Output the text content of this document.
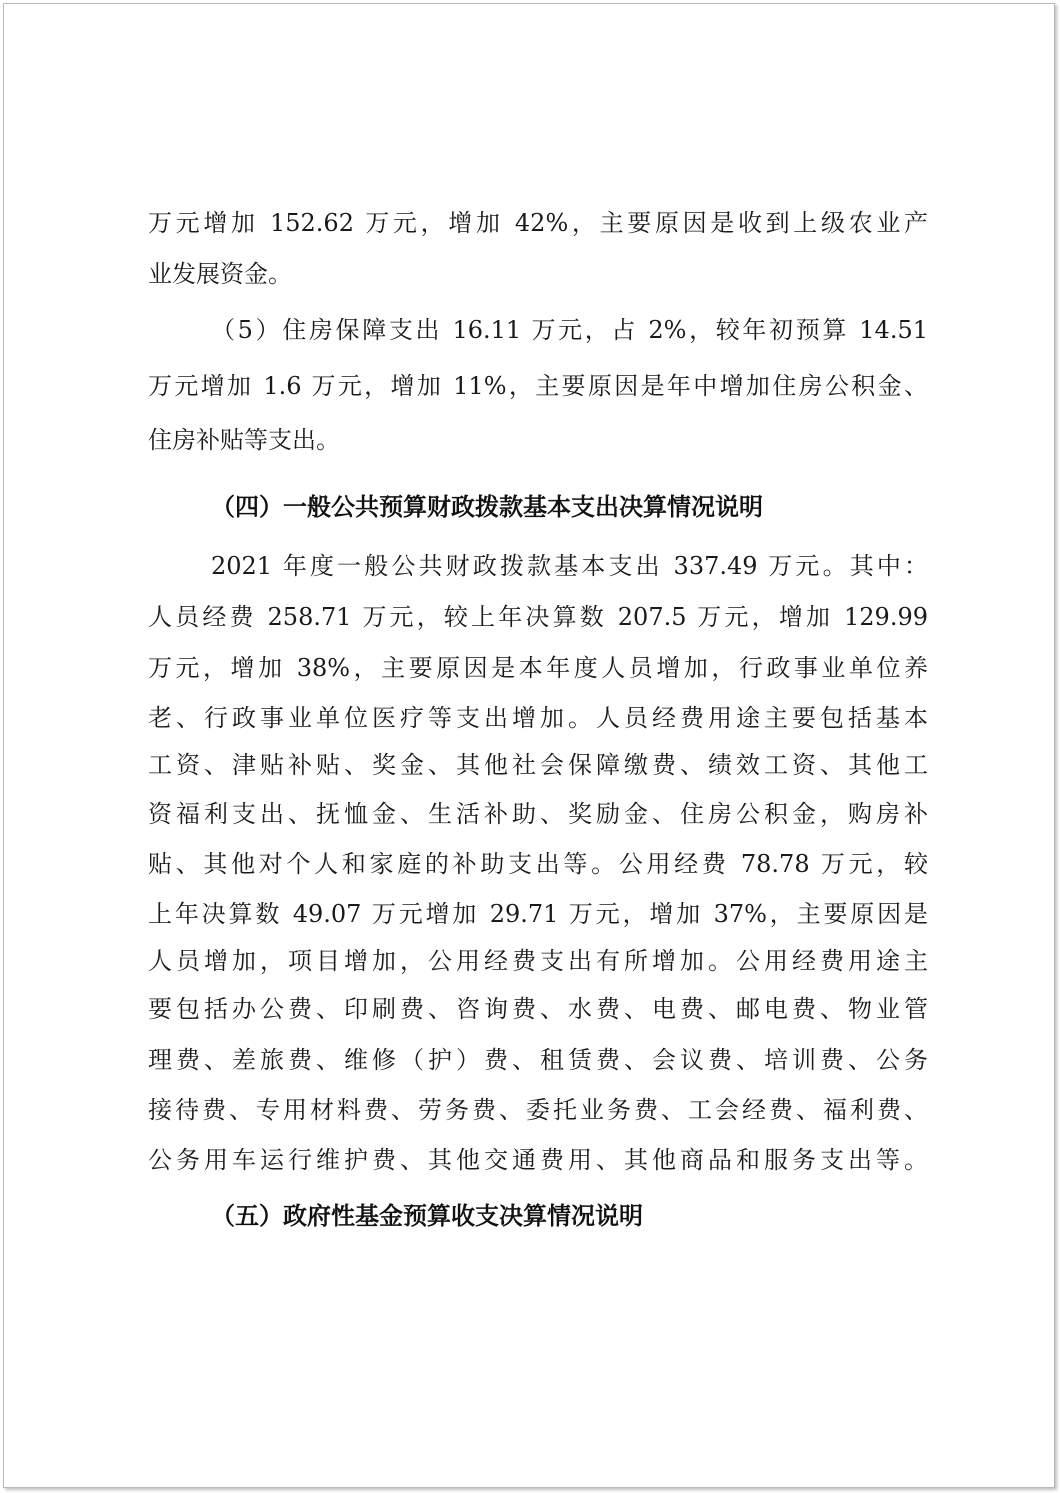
万元增加 152.62 万元，增加 42%，主要原因是收到上级农业产

业发展资金。

（5）住房保障支出 16.11 万元，占 2%，较年初预算 14.51

万元增加 1.6 万元，增加 11%，主要原因是年中增加住房公积金、

住房补贴等支出。

（四）一般公共预算财政拨款基本支出决算情况说明

2021 年度一般公共财政拨款基本支出 337.49 万元。其中：

人员经费 258.71 万元，较上年决算数 207.5 万元，增加 129.99

万元，增加 38%，主要原因是本年度人员增加，行政事业单位养

老、行政事业单位医疗等支出增加。人员经费用途主要包括基本

工资、津贴补贴、奖金、其他社会保障缴费、绩效工资、其他工

资福利支出、抚恤金、生活补助、奖励金、住房公积金，购房补

贴、其他对个人和家庭的补助支出等。公用经费 78.78 万元，较

上年决算数 49.07 万元增加 29.71 万元，增加 37%，主要原因是

人员增加，项目增加，公用经费支出有所增加。公用经费用途主

要包括办公费、印刷费、咨询费、水费、电费、邮电费、物业管

理费、差旅费、维修（护）费、租赁费、会议费、培训费、公务

接待费、专用材料费、劳务费、委托业务费、工会经费、福利费、

公务用车运行维护费、其他交通费用、其他商品和服务支出等。

（五）政府性基金预算收支决算情况说明
